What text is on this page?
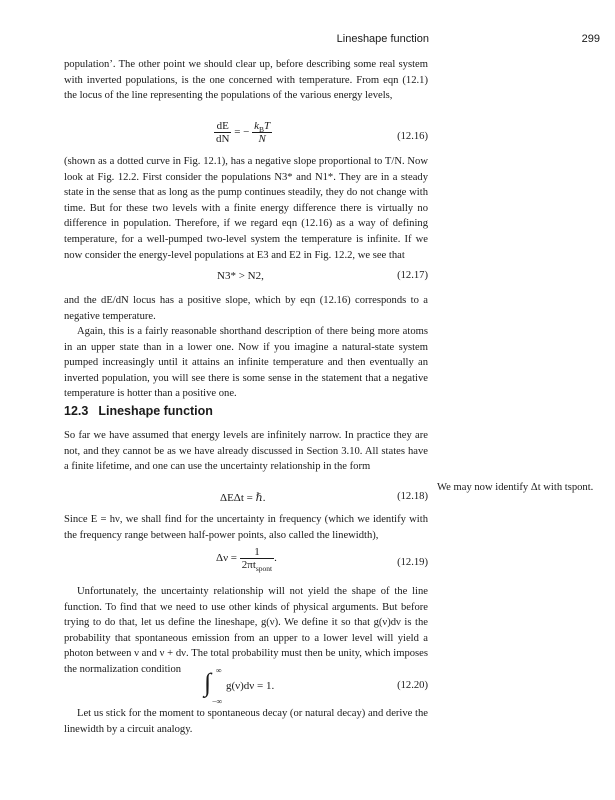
Lineshape function	299

population’. The other point we should clear up, before describing some real system with inverted populations, is the one concerned with temperature. From eqn (12.1) the locus of the line representing the populations of the various energy levels,

$\frac{dE}{dN}$ = − $\frac{k_BT}{N}$	(12.16)

(shown as a dotted curve in Fig. 12.1), has a negative slope proportional to T/N. Now look at Fig. 12.2. First consider the populations N3* and N1*. They are in a steady state in the sense that as long as the pump continues steadily, they do not change with time. But for these two levels with a finite energy difference there is virtually no difference in population. Therefore, if we regard eqn (12.16) as a way of defining temperature, for a well-pumped two-level system the temperature is infinite. If we now consider the energy-level populations at E3 and E2 in Fig. 12.2, we see that

N3* > N2,	(12.17)

and the dE/dN locus has a positive slope, which by eqn (12.16) corresponds to a negative temperature.

Again, this is a fairly reasonable shorthand description of there being more atoms in an upper state than in a lower one. Now if you imagine a natural-state system pumped increasingly until it attains an infinite temperature and then eventually an inverted population, you will see there is some sense in the statement that a negative temperature is hotter than a positive one.

12.3 Lineshape function

So far we have assumed that energy levels are infinitely narrow. In practice they are not, and they cannot be as we have already discussed in Section 3.10. All states have a finite lifetime, and one can use the uncertainty relationship in the form

ΔEΔt = ℏ.	(12.18)

Since E = hν, we shall find for the uncertainty in frequency (which we identify with the frequency range between half-power points, also called the linewidth),

$\Delta\nu = \frac{1}{2\pi t_{spont}}$ .	(12.19)

Unfortunately, the uncertainty relationship will not yield the shape of the line function. To find that we need to use other kinds of physical arguments. But before trying to do that, let us define the lineshape, g(ν). We define it so that g(ν)dν is the probability that spontaneous emission from an upper to a lower level will yield a photon between ν and ν + dν. The total probability must then be unity, which imposes the normalization condition	∞
∫
−∞
g(ν)dν = 1.	(12.20)

Let us stick for the moment to spontaneous decay (or natural decay) and derive the linewidth by a circuit analogy.

We may now identify Δt with tspont.
